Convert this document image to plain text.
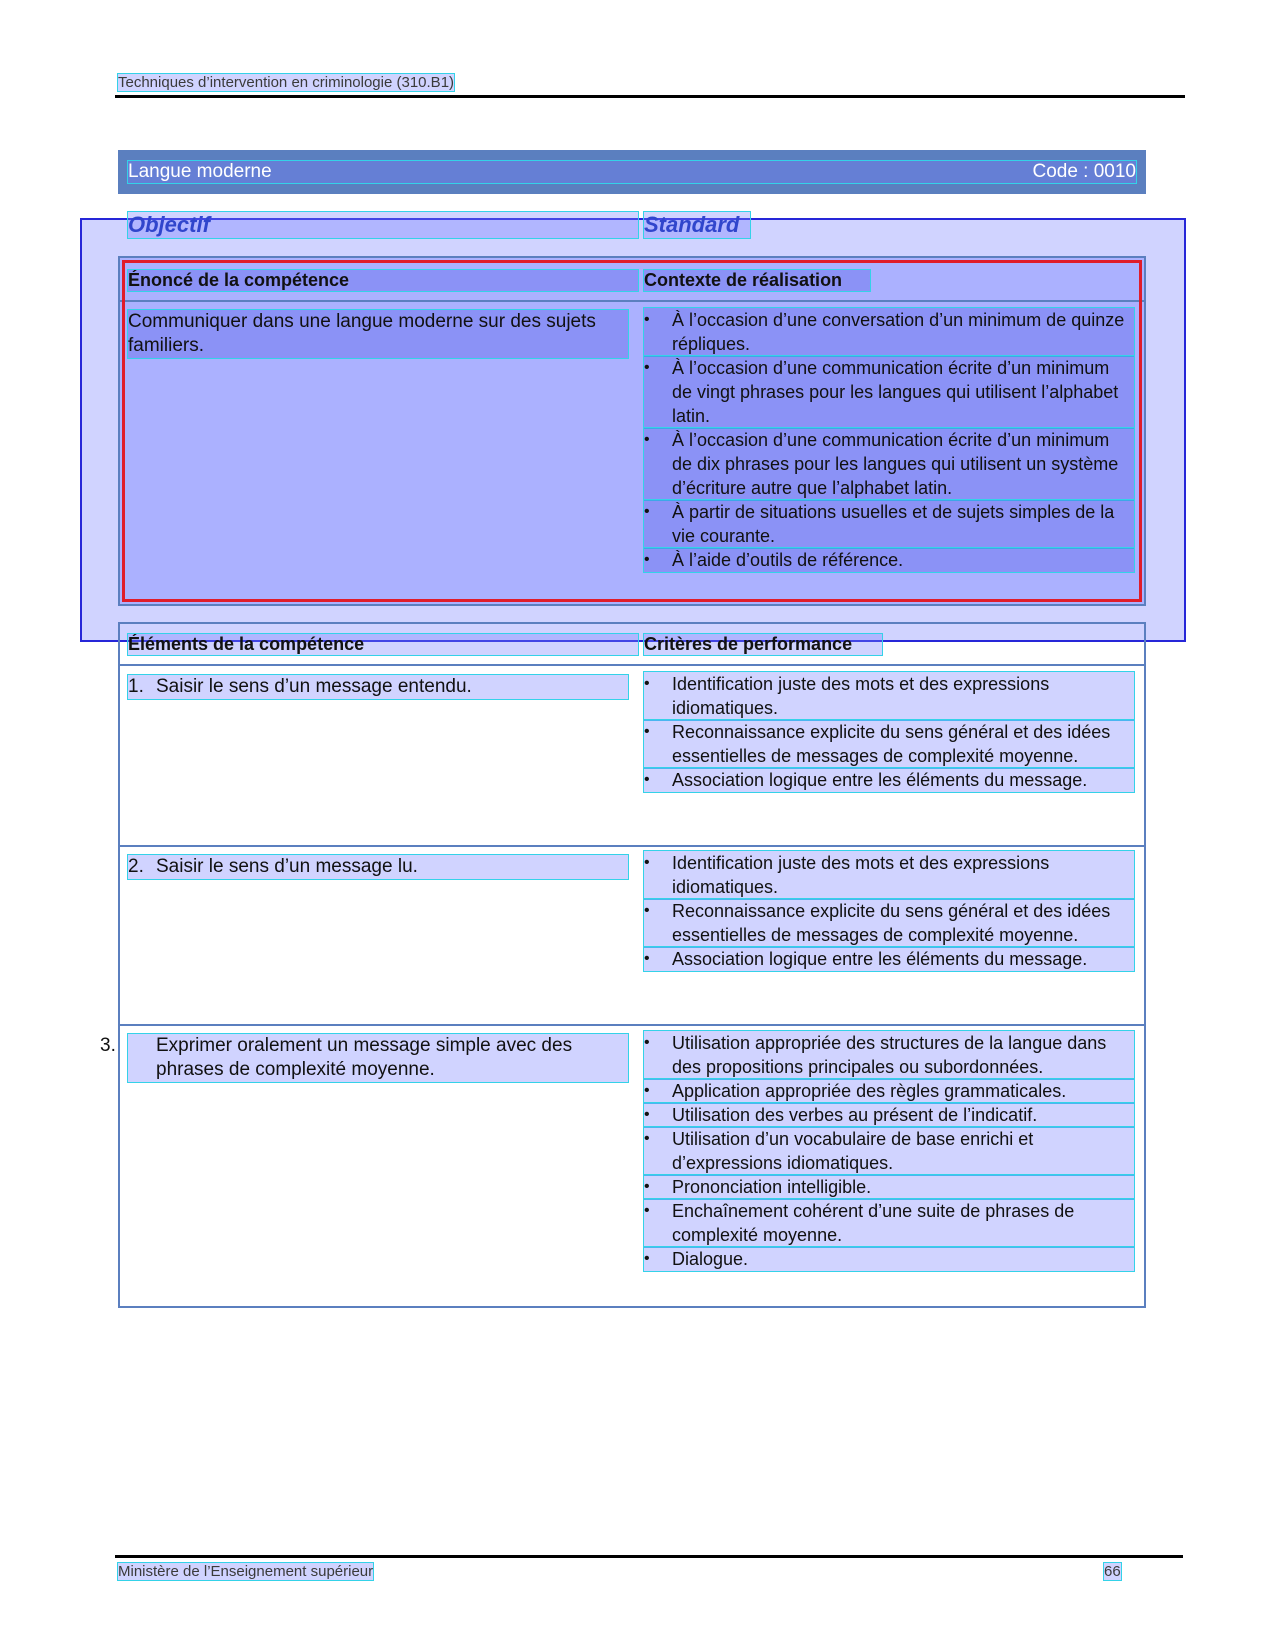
Techniques d’intervention en criminologie (310.B1)
Langue moderne	Code : 0010
Objectif	Standard
Énoncé de la compétence	Contexte de réalisation
Communiquer dans une langue moderne sur des sujets familiers.
•	À l’occasion d’une conversation d’un minimum de quinze répliques.
•	À l’occasion d’une communication écrite d’un minimum de vingt phrases pour les langues qui utilisent l’alphabet latin.
•	À l’occasion d’une communication écrite d’un minimum de dix phrases pour les langues qui utilisent un système d’écriture autre que l’alphabet latin.
•	À partir de situations usuelles et de sujets simples de la vie courante.
•	À l’aide d’outils de référence.
Éléments de la compétence	Critères de performance
1. Saisir le sens d’un message entendu.	•	Identification juste des mots et des expressions idiomatiques.
•	Reconnaissance explicite du sens général et des idées essentielles de messages de complexité moyenne.
•	Association logique entre les éléments du message.
2. Saisir le sens d’un message lu.	•	Identification juste des mots et des expressions idiomatiques.
•	Reconnaissance explicite du sens général et des idées essentielles de messages de complexité moyenne.
•	Association logique entre les éléments du message.
3. Exprimer oralement un message simple avec des phrases de complexité moyenne.
•	Utilisation appropriée des structures de la langue dans des propositions principales ou subordonnées.
•	Application appropriée des règles grammaticales.
•	Utilisation des verbes au présent de l’indicatif.
•	Utilisation d’un vocabulaire de base enrichi et d’expressions idiomatiques.
•	Prononciation intelligible.
•	Enchaînement cohérent d’une suite de phrases de complexité moyenne.
•	Dialogue.
Ministère de l’Enseignement supérieur	66
